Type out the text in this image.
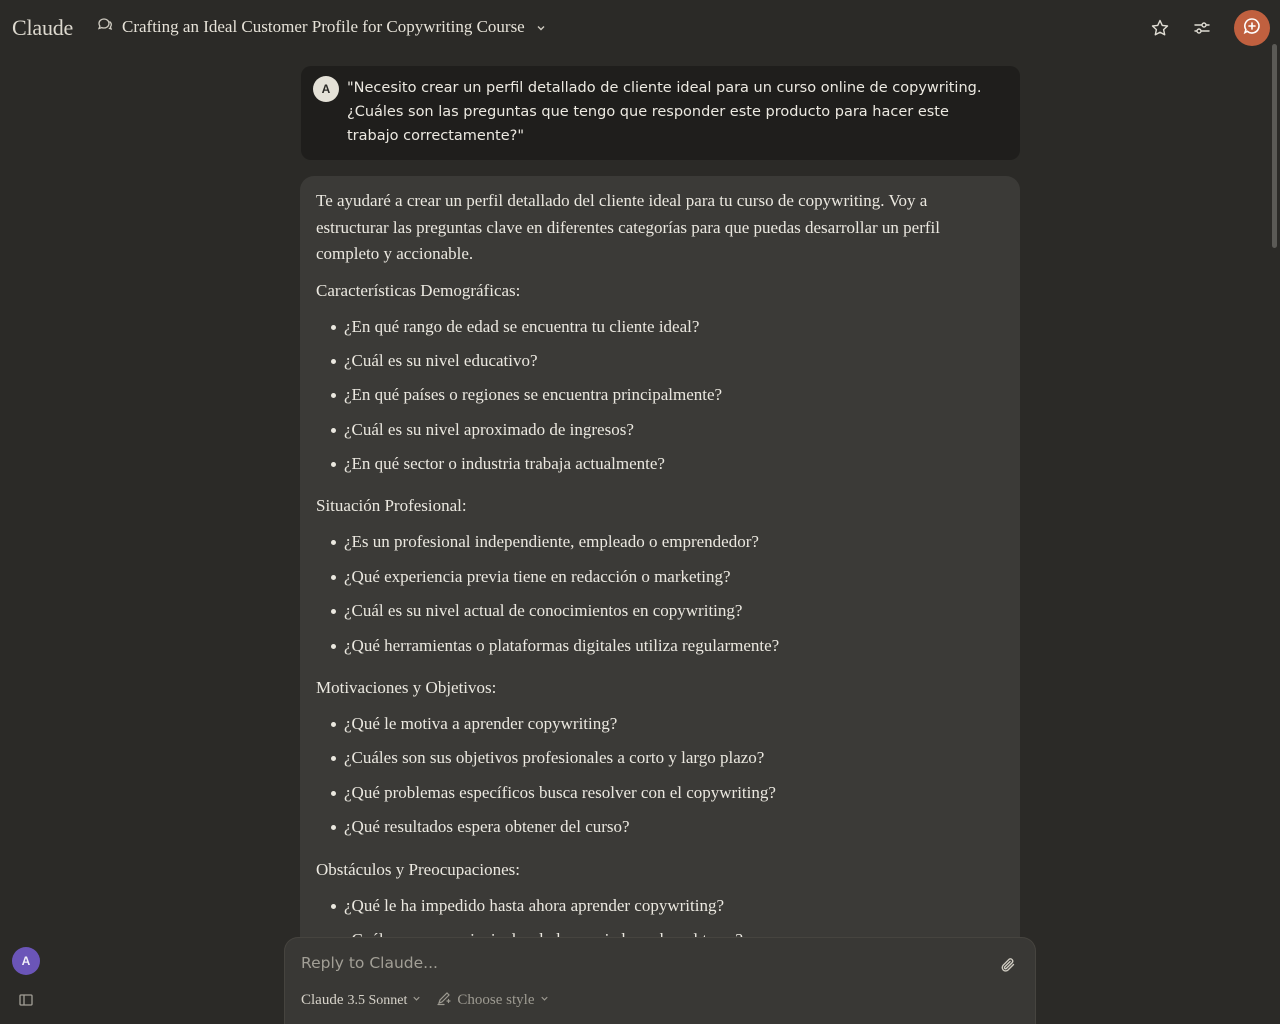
Claude	Crafting an Ideal Customer Profile for Copywriting Course
A	"Necesito crear un perfil detallado de cliente ideal para un curso online de copywriting. ¿Cuáles son las preguntas que tengo que responder este producto para hacer este trabajo correctamente?"

Te ayudaré a crear un perfil detallado del cliente ideal para tu curso de copywriting. Voy a estructurar las preguntas clave en diferentes categorías para que puedas desarrollar un perfil completo y accionable.

Características Demográficas:

¿En qué rango de edad se encuentra tu cliente ideal?
¿Cuál es su nivel educativo?
¿En qué países o regiones se encuentra principalmente?
¿Cuál es su nivel aproximado de ingresos?
¿En qué sector o industria trabaja actualmente?

Situación Profesional:

¿Es un profesional independiente, empleado o emprendedor?
¿Qué experiencia previa tiene en redacción o marketing?
¿Cuál es su nivel actual de conocimientos en copywriting?
¿Qué herramientas o plataformas digitales utiliza regularmente?

Motivaciones y Objetivos:

¿Qué le motiva a aprender copywriting?
¿Cuáles son sus objetivos profesionales a corto y largo plazo?
¿Qué problemas específicos busca resolver con el copywriting?
¿Qué resultados espera obtener del curso?

Obstáculos y Preocupaciones:

¿Qué le ha impedido hasta ahora aprender copywriting?
Reply to Claude...
Claude 3.5 Sonnet	Choose style
A
